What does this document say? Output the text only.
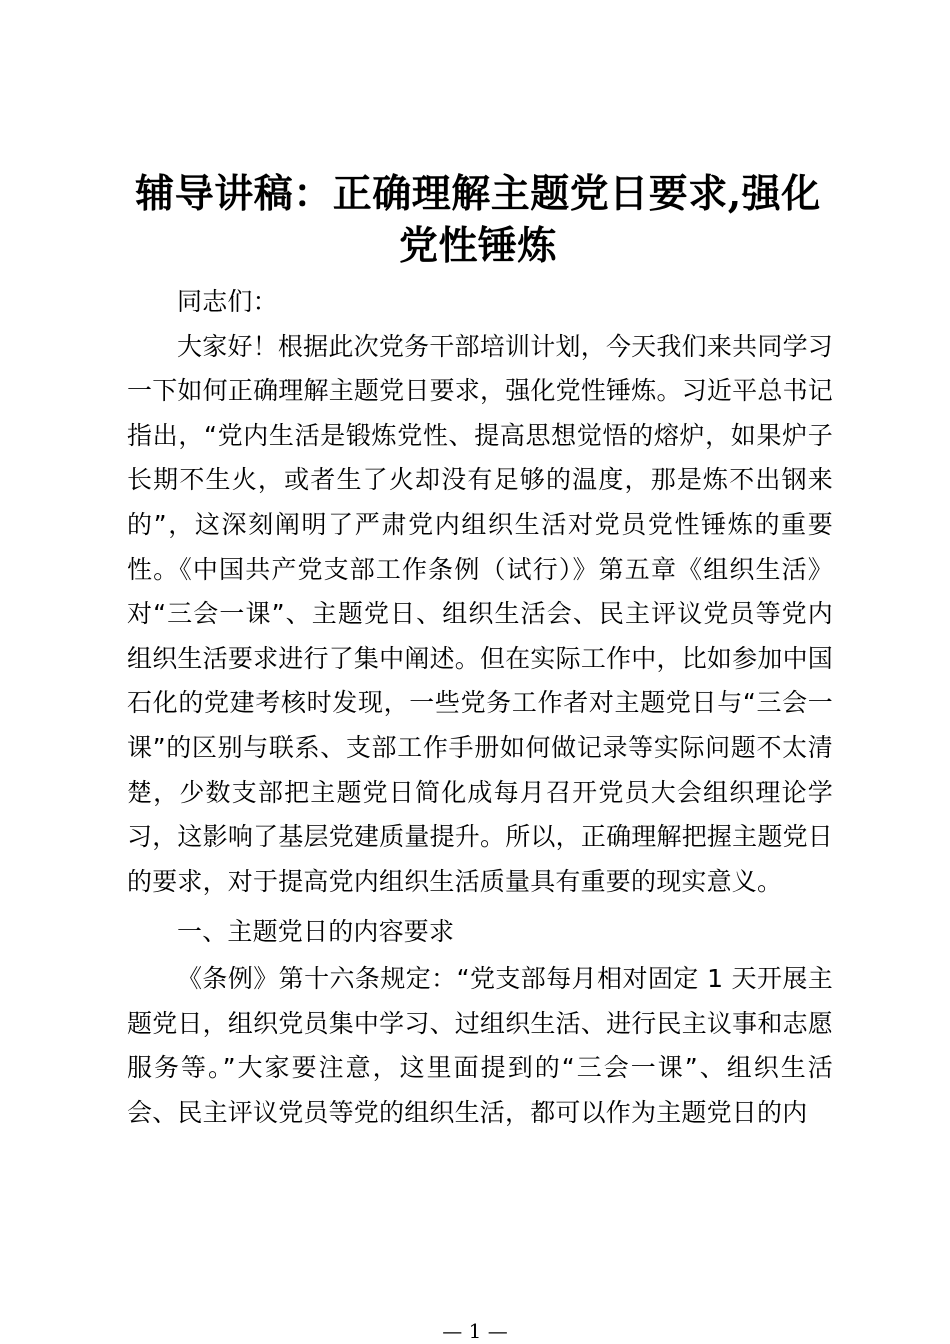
辅导讲稿：正确理解主题党日要求,强化党性锤炼

同志们：

大家好！根据此次党务干部培训计划，今天我们来共同学习一下如何正确理解主题党日要求，强化党性锤炼。习近平总书记指出，“党内生活是锻炼党性、提高思想觉悟的熔炉，如果炉子长期不生火，或者生了火却没有足够的温度，那是炼不出钢来的”，这深刻阐明了严肃党内组织生活对党员党性锤炼的重要性。《中国共产党支部工作条例（试行）》第五章《组织生活》对“三会一课”、主题党日、组织生活会、民主评议党员等党内组织生活要求进行了集中阐述。但在实际工作中，比如参加中国石化的党建考核时发现，一些党务工作者对主题党日与“三会一课”的区别与联系、支部工作手册如何做记录等实际问题不太清楚，少数支部把主题党日简化成每月召开党员大会组织理论学习，这影响了基层党建质量提升。所以，正确理解把握主题党日的要求，对于提高党内组织生活质量具有重要的现实意义。

一、主题党日的内容要求

《条例》第十六条规定：“党支部每月相对固定 1 天开展主题党日，组织党员集中学习、过组织生活、进行民主议事和志愿服务等。”大家要注意，这里面提到的“三会一课”、组织生活会、民主评议党员等党的组织生活，都可以作为主题党日的内

— 1 —
